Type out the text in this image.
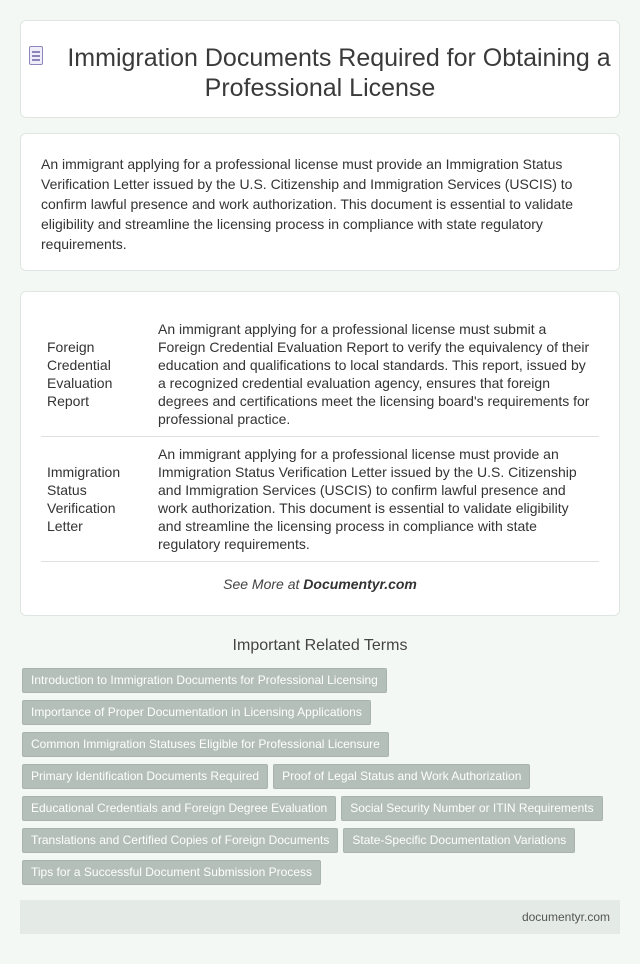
Immigration Documents Required for Obtaining a Professional License

An immigrant applying for a professional license must provide an Immigration Status Verification Letter issued by the U.S. Citizenship and Immigration Services (USCIS) to confirm lawful presence and work authorization. This document is essential to validate eligibility and streamline the licensing process in compliance with state regulatory requirements.

Foreign Credential Evaluation Report	An immigrant applying for a professional license must submit a Foreign Credential Evaluation Report to verify the equivalency of their education and qualifications to local standards. This report, issued by a recognized credential evaluation agency, ensures that foreign degrees and certifications meet the licensing board's requirements for professional practice.
Immigration Status Verification Letter	An immigrant applying for a professional license must provide an Immigration Status Verification Letter issued by the U.S. Citizenship and Immigration Services (USCIS) to confirm lawful presence and work authorization. This document is essential to validate eligibility and streamline the licensing process in compliance with state regulatory requirements.
See More at Documentyr.com
Important Related Terms
Introduction to Immigration Documents for Professional Licensing
Importance of Proper Documentation in Licensing Applications
Common Immigration Statuses Eligible for Professional Licensure
Primary Identification Documents Required Proof of Legal Status and Work Authorization
Educational Credentials and Foreign Degree Evaluation Social Security Number or ITIN Requirements
Translations and Certified Copies of Foreign Documents State-Specific Documentation Variations
Tips for a Successful Document Submission Process
documentyr.com
